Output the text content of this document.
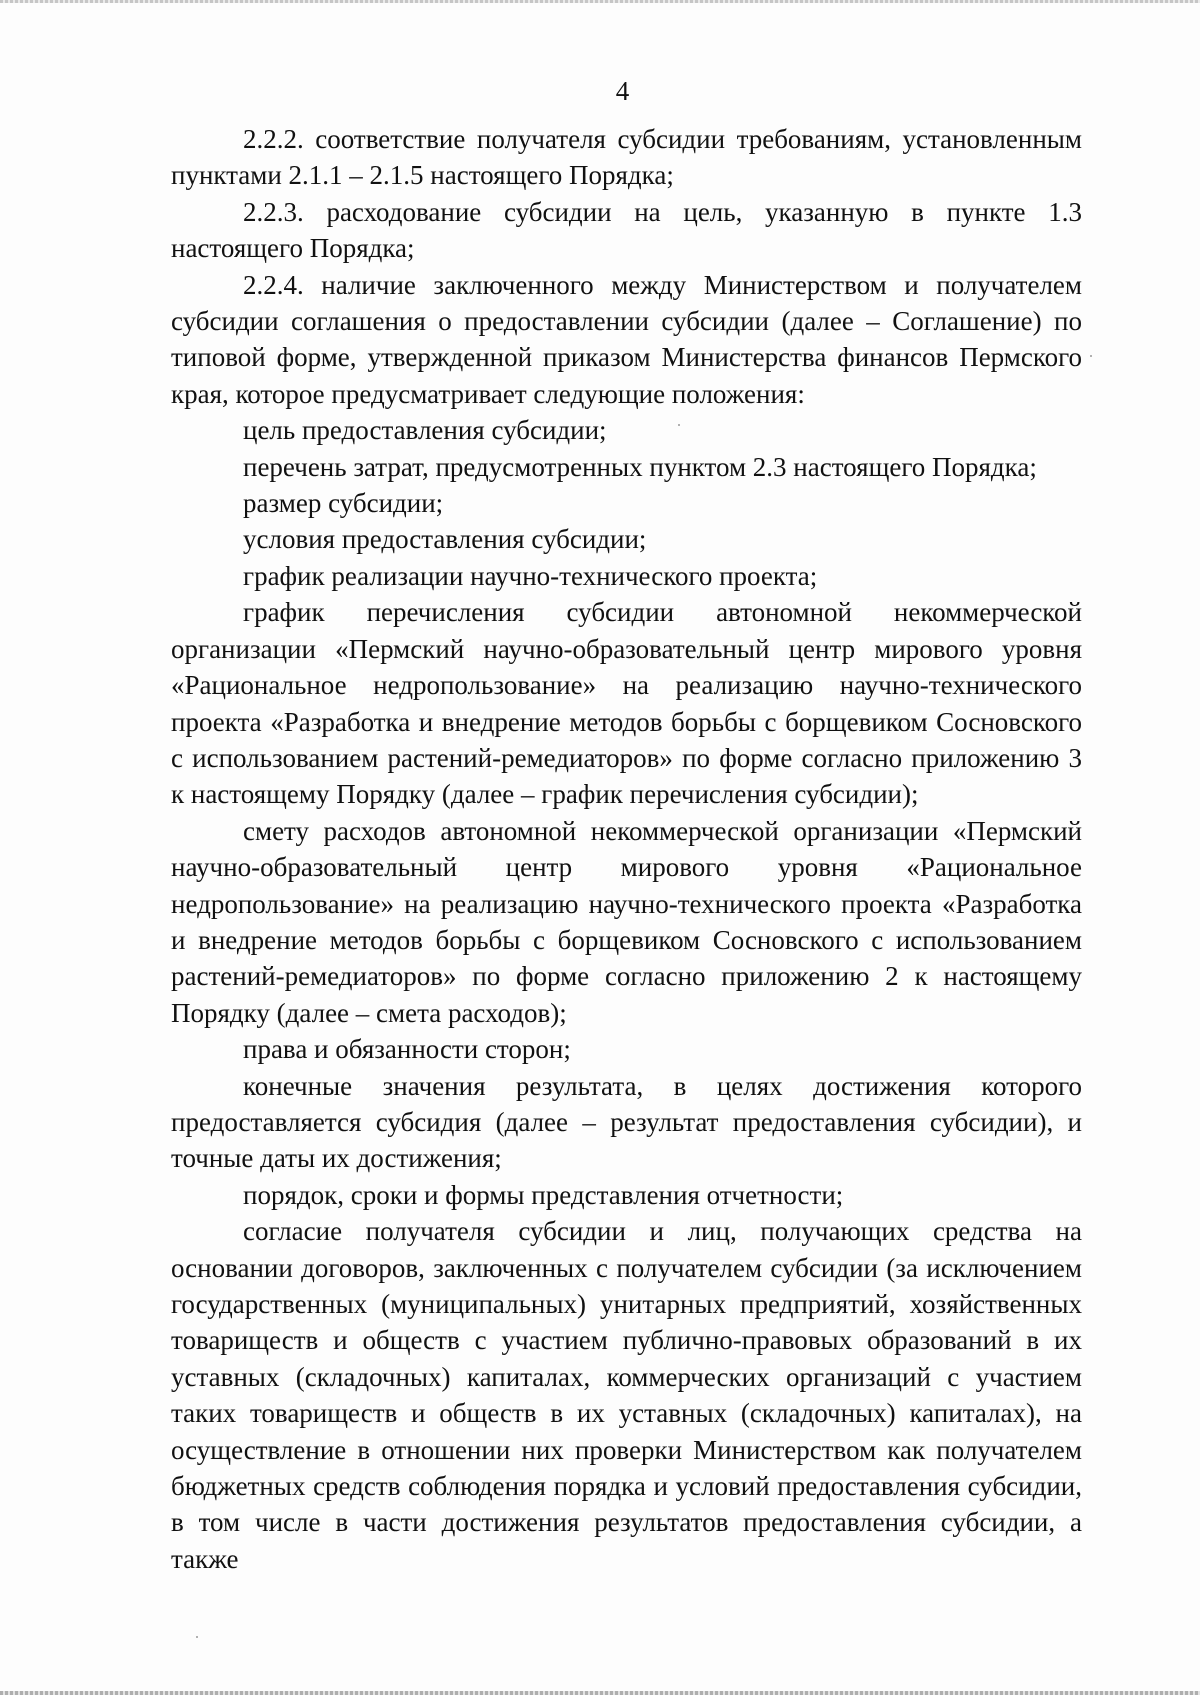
4

2.2.2. соответствие получателя субсидии требованиям, установленным пунктами 2.1.1 – 2.1.5 настоящего Порядка;

2.2.3. расходование субсидии на цель, указанную в пункте 1.3 настоящего Порядка;

2.2.4. наличие заключенного между Министерством и получателем субсидии соглашения о предоставлении субсидии (далее – Соглашение) по типовой форме, утвержденной приказом Министерства финансов Пермского края, которое предусматривает следующие положения:

цель предоставления субсидии;

перечень затрат, предусмотренных пунктом 2.3 настоящего Порядка;

размер субсидии;

условия предоставления субсидии;

график реализации научно-технического проекта;

график перечисления субсидии автономной некоммерческой организации «Пермский научно-образовательный центр мирового уровня «Рациональное недропользование» на реализацию научно-технического проекта «Разработка и внедрение методов борьбы с борщевиком Сосновского с использованием растений-ремедиаторов» по форме согласно приложению 3 к настоящему Порядку (далее – график перечисления субсидии);

смету расходов автономной некоммерческой организации «Пермский научно-образовательный центр мирового уровня «Рациональное недропользование» на реализацию научно-технического проекта «Разработка и внедрение методов борьбы с борщевиком Сосновского с использованием растений-ремедиаторов» по форме согласно приложению 2 к настоящему Порядку (далее – смета расходов);

права и обязанности сторон;

конечные значения результата, в целях достижения которого предоставляется субсидия (далее – результат предоставления субсидии), и точные даты их достижения;

порядок, сроки и формы представления отчетности;

согласие получателя субсидии и лиц, получающих средства на основании договоров, заключенных с получателем субсидии (за исключением государственных (муниципальных) унитарных предприятий, хозяйственных товариществ и обществ с участием публично-правовых образований в их уставных (складочных) капиталах, коммерческих организаций с участием таких товариществ и обществ в их уставных (складочных) капиталах), на осуществление в отношении них проверки Министерством как получателем бюджетных средств соблюдения порядка и условий предоставления субсидии, в том числе в части достижения результатов предоставления субсидии, а также
